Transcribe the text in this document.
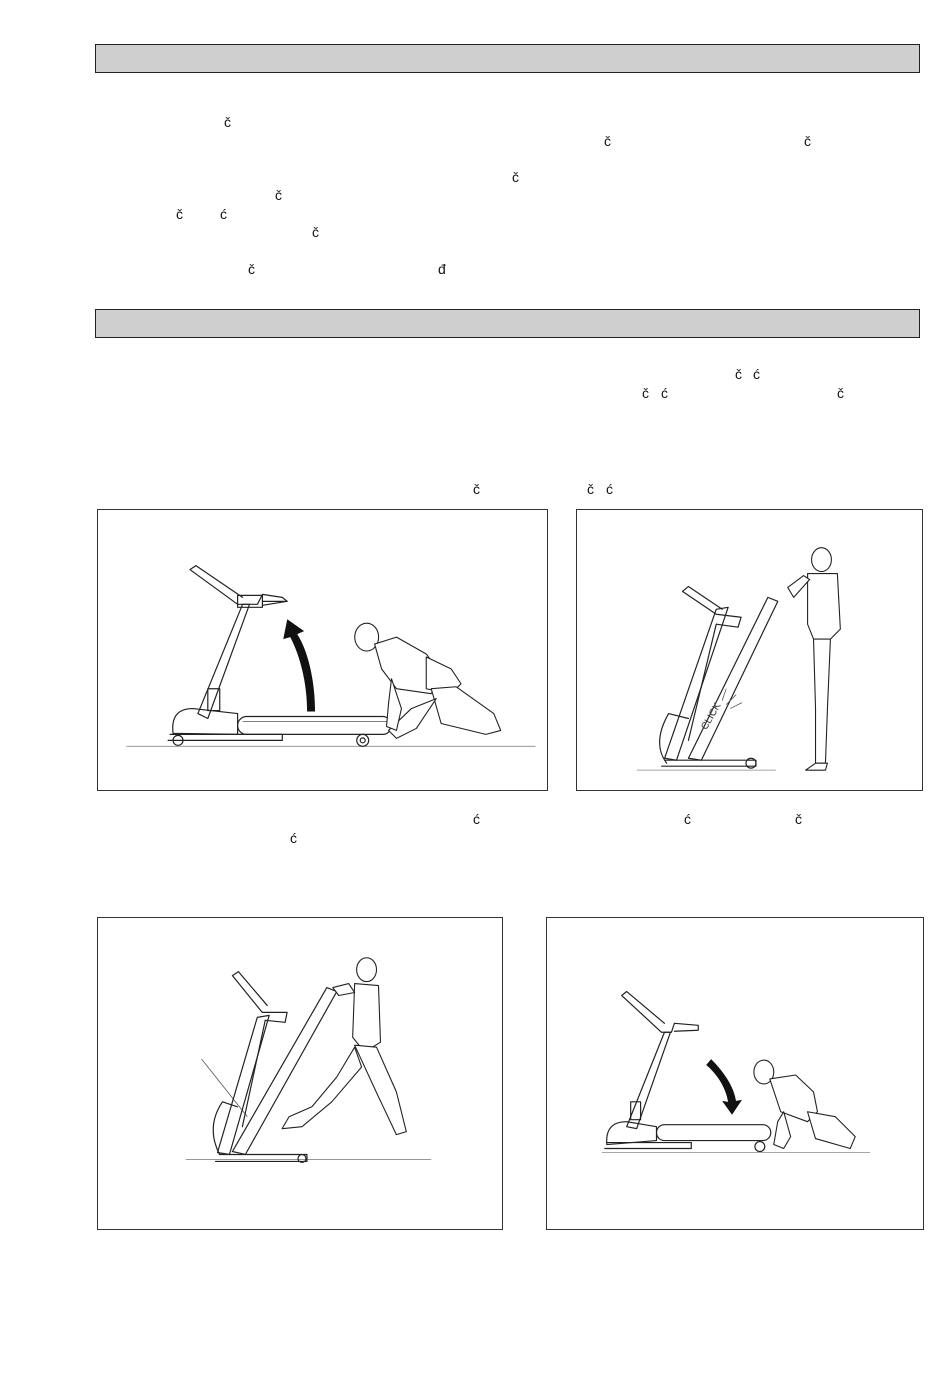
č
č	č
č
č
č	ć
č
č	đ
č ć
č ć	č
č	č ć
ć	ć	č
ć
CLICK
